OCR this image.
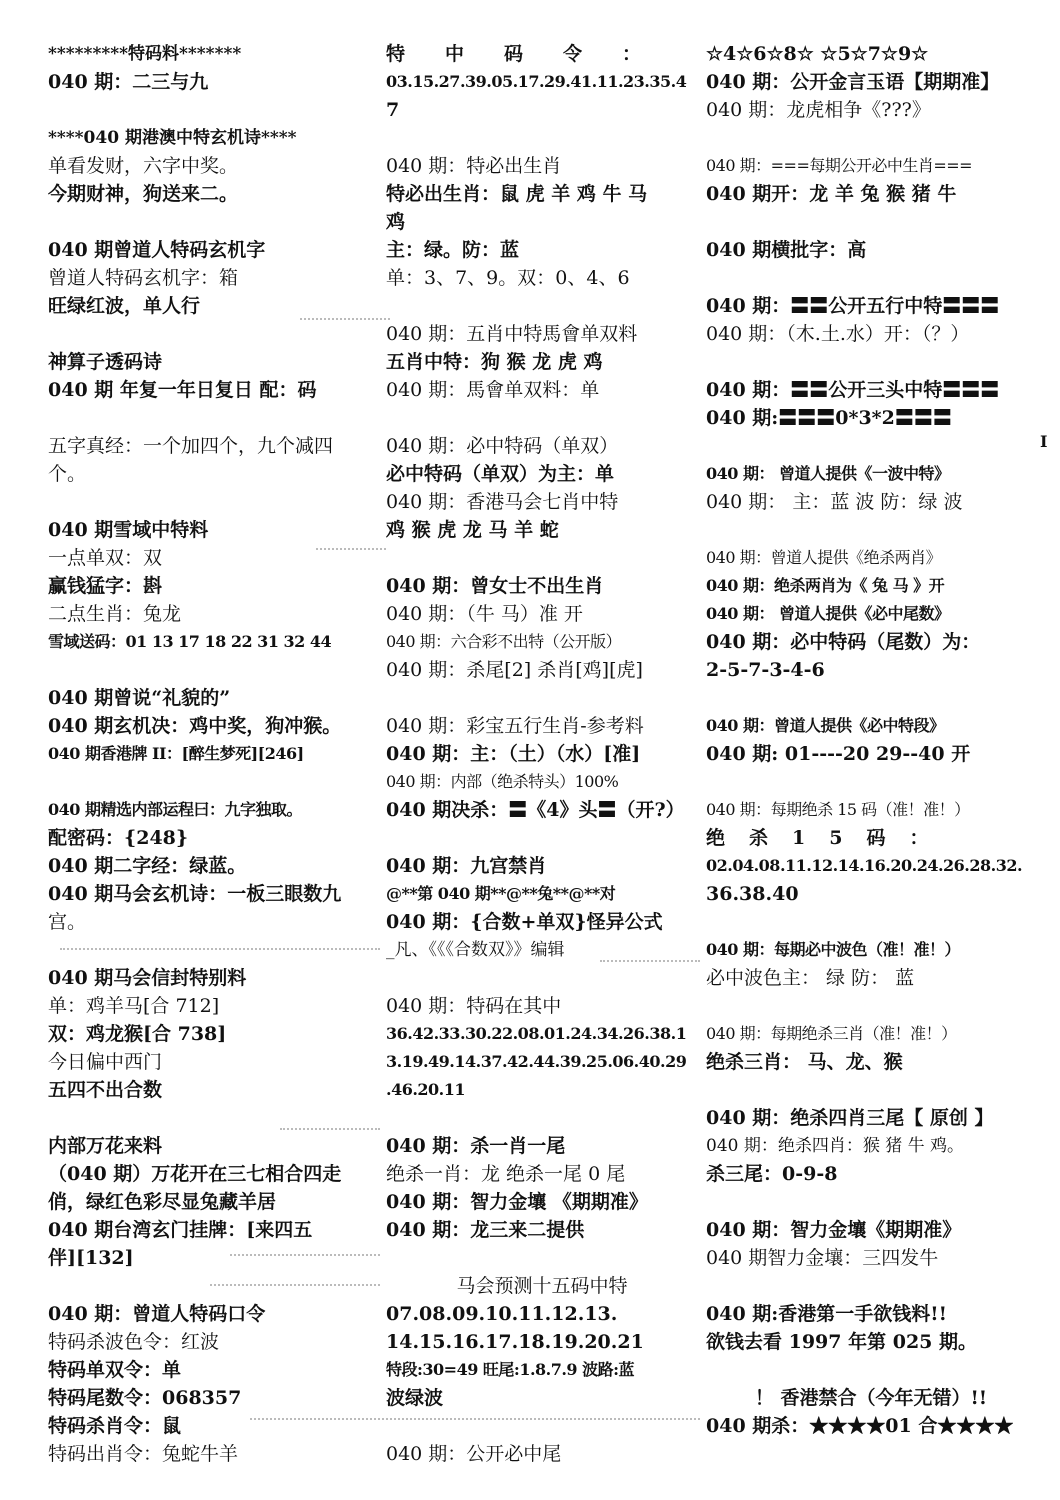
*********特码料*******
040 期：二三与九
****040 期港澳中特玄机诗****
单看发财，六字中奖。
今期财神，狗送来二。
040 期曾道人特码玄机字
曾道人特码玄机字：箱
旺绿红波，单人行
神算子透码诗
040 期 年复一年日复日 配：码
五字真经：一个加四个，九个减四
个。
040 期雪域中特料
一点单双：双
赢钱猛字：斟
二点生肖：兔龙
雪域送码：01 13 17 18 22 31 32 44
040 期曾说“礼貌的”
040 期玄机决：鸡中奖，狗冲猴。
040 期香港牌 II：[醉生梦死][246]
040 期精选内部运程曰：九字独取。
配密码：{248}
040 期二字经：绿蓝。
040 期马会玄机诗：一板三眼数九
宫。
040 期马会信封特别料
单：鸡羊马[合 712]
双：鸡龙猴[合 738]
今日偏中西门
五四不出合数
内部万花来料
（040 期）万花开在三七相合四走
俏，绿红色彩尽显兔藏羊居
040 期台湾玄门挂牌：[来四五
伴][132]
040 期：曾道人特码口令
特码杀波色令：红波
特码单双令：单
特码尾数令：068357
特码杀肖令：鼠
特码出肖令：兔蛇牛羊
特中码令：
03.15.27.39.05.17.29.41.11.23.35.4
7
040 期：特必出生肖
特必出生肖：鼠 虎 羊 鸡 牛 马
鸡
主：绿。防：蓝
单：3、7、9。双：0、4、6
040 期：五肖中特馬會单双料
五肖中特：狗 猴 龙 虎 鸡
040 期：馬會单双料：单
040 期：必中特码（单双）
必中特码（单双）为主：单
040 期：香港马会七肖中特
鸡 猴 虎 龙 马 羊 蛇
040 期：曾女士不出生肖
040 期：（牛 马）准 开
040 期：六合彩不出特（公开版）
040 期：杀尾[2] 杀肖[鸡][虎]
040 期：彩宝五行生肖-参考料
040 期：主：（土）（水）[准]
040 期：内部（绝杀特头）100%
040 期决杀：〓《4》头〓（开?）
040 期：九宫禁肖
@**第 040 期**@**兔**@**对
040 期：{合数+单双}怪异公式
_凡、《《《合数双》》编辑
040 期：特码在其中
36.42.33.30.22.08.01.24.34.26.38.1
3.19.49.14.37.42.44.39.25.06.40.29
.46.20.11
040 期：杀一肖一尾
绝杀一肖：龙 绝杀一尾 0 尾
040 期：智力金壤 《期期准》
040 期：龙三来二提供
马会预测十五码中特
07.08.09.10.11.12.13.
14.15.16.17.18.19.20.21
特段:30=49 旺尾:1.8.7.9 波路:蓝
波绿波
040 期：公开必中尾
☆4☆6☆8☆ ☆5☆7☆9☆
040 期：公开金言玉语【期期准】
040 期：龙虎相争《???》
040 期：===每期公开必中生肖===
040 期开：龙 羊 兔 猴 猪 牛
040 期横批字：高
040 期：〓〓公开五行中特〓〓〓
040 期：（木.土.水）开：（？）
040 期：〓〓公开三头中特〓〓〓
040 期:〓〓〓0*3*2〓〓〓
040 期： 曾道人提供《一波中特》
040 期： 主：蓝 波 防：绿 波
040 期：曾道人提供《绝杀两肖》
040 期：绝杀两肖为《 兔 马 》开
040 期： 曾道人提供《必中尾数》
040 期：必中特码（尾数）为：
2-5-7-3-4-6
040 期：曾道人提供《必中特段》
040 期: 01----20 29--40 开
040 期：每期绝杀 15 码（准！准！）
绝杀15码：
02.04.08.11.12.14.16.20.24.26.28.32.
36.38.40
040 期：每期必中波色（准！准！）
必中波色主： 绿 防： 蓝
040 期：每期绝杀三肖（准！准！）
绝杀三肖： 马、龙、猴
040 期：绝杀四肖三尾【 原创 】
040 期：绝杀四肖：猴 猪 牛 鸡。
杀三尾：0-9-8
040 期：智力金壤《期期准》
040 期智力金壤：三四发牛
040 期:香港第一手欲钱料!!
欲钱去看 1997 年第 025 期。
！ 香港禁合（今年无错）!!
040 期杀：★★★★01 合★★★★
I
